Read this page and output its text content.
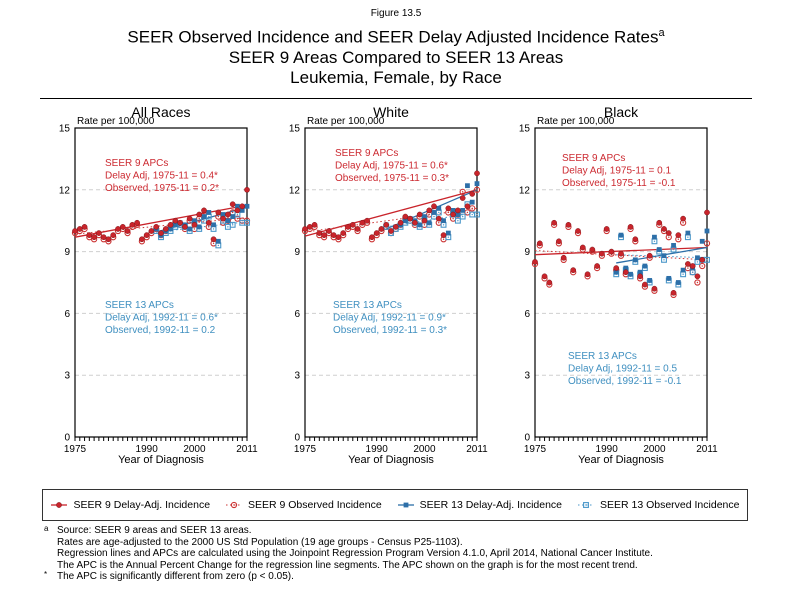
Figure 13.5
SEER Observed Incidence and SEER Delay Adjusted Incidence Rates$^a$
SEER 9 Areas Compared to SEER 13 Areas
Leukemia, Female, by Race
All Races
0
3
6
9
12
15
1975	1990	2000	2011
Rate per 100,000
Year of Diagnosis
SEER 9 APCs
Delay Adj, 1975-11 = 0.4*
Observed, 1975-11 = 0.2*
SEER 13 APCs
Delay Adj, 1992-11 = 0.6*
Observed, 1992-11 = 0.2
White
0
3
6
9
12
15
1975	1990	2000	2011
Rate per 100,000
Year of Diagnosis
SEER 9 APCs
Delay Adj, 1975-11 = 0.6*
Observed, 1975-11 = 0.3*
SEER 13 APCs
Delay Adj, 1992-11 = 0.9*
Observed, 1992-11 = 0.3*
Black
0
3
6
9
12
15
1975	1990	2000	2011
Rate per 100,000
Year of Diagnosis
SEER 9 APCs
Delay Adj, 1975-11 = 0.1
Observed, 1975-11 = -0.1
SEER 13 APCs
Delay Adj, 1992-11 = 0.5
Observed, 1992-11 = -0.1
SEER 9 Delay-Adj. Incidence	SEER 9 Observed Incidence	SEER 13 Delay-Adj. Incidence	SEER 13 Observed Incidence
a Source: SEER 9 areas and SEER 13 areas.
Rates are age-adjusted to the 2000 US Std Population (19 age groups - Census P25-1103).
Regression lines and APCs are calculated using the Joinpoint Regression Program Version 4.1.0, April 2014, National Cancer Institute.
The APC is the Annual Percent Change for the regression line segments. The APC shown on the graph is for the most recent trend.
* The APC is significantly different from zero (p < 0.05).
